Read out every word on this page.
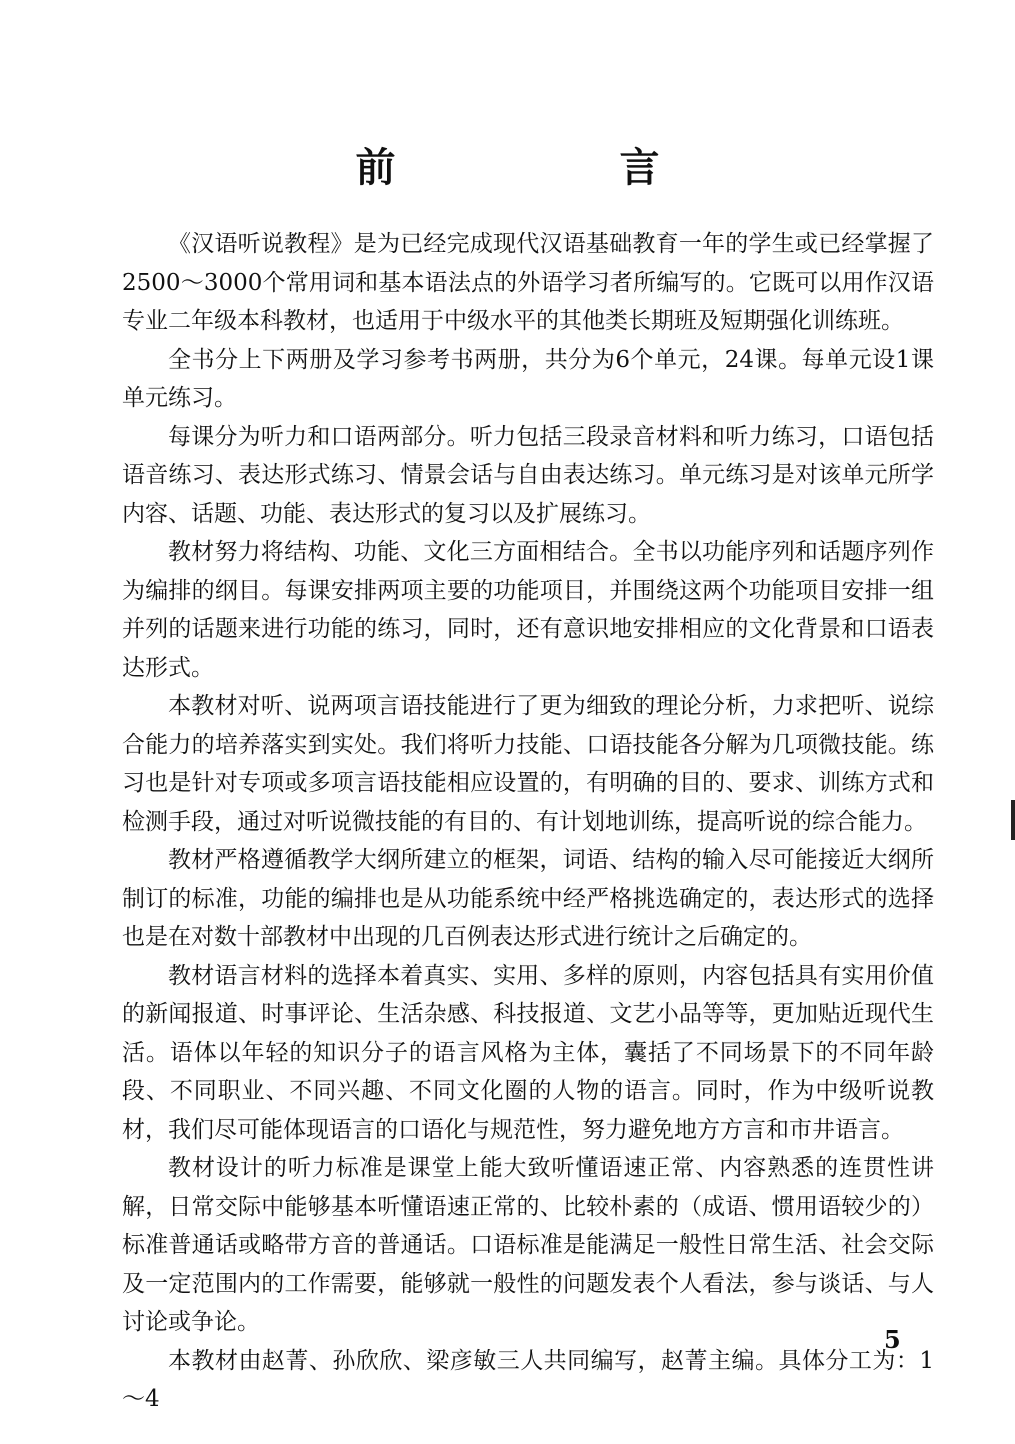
前　言

《汉语听说教程》是为已经完成现代汉语基础教育一年的学生或已经掌握了2500～3000个常用词和基本语法点的外语学习者所编写的。它既可以用作汉语专业二年级本科教材，也适用于中级水平的其他类长期班及短期强化训练班。

全书分上下两册及学习参考书两册，共分为6个单元，24课。每单元设1课单元练习。

每课分为听力和口语两部分。听力包括三段录音材料和听力练习，口语包括语音练习、表达形式练习、情景会话与自由表达练习。单元练习是对该单元所学内容、话题、功能、表达形式的复习以及扩展练习。

教材努力将结构、功能、文化三方面相结合。全书以功能序列和话题序列作为编排的纲目。每课安排两项主要的功能项目，并围绕这两个功能项目安排一组并列的话题来进行功能的练习，同时，还有意识地安排相应的文化背景和口语表达形式。

本教材对听、说两项言语技能进行了更为细致的理论分析，力求把听、说综合能力的培养落实到实处。我们将听力技能、口语技能各分解为几项微技能。练习也是针对专项或多项言语技能相应设置的，有明确的目的、要求、训练方式和检测手段，通过对听说微技能的有目的、有计划地训练，提高听说的综合能力。

教材严格遵循教学大纲所建立的框架，词语、结构的输入尽可能接近大纲所制订的标准，功能的编排也是从功能系统中经严格挑选确定的，表达形式的选择也是在对数十部教材中出现的几百例表达形式进行统计之后确定的。

教材语言材料的选择本着真实、实用、多样的原则，内容包括具有实用价值的新闻报道、时事评论、生活杂感、科技报道、文艺小品等等，更加贴近现代生活。语体以年轻的知识分子的语言风格为主体，囊括了不同场景下的不同年龄段、不同职业、不同兴趣、不同文化圈的人物的语言。同时，作为中级听说教材，我们尽可能体现语言的口语化与规范性，努力避免地方方言和市井语言。

教材设计的听力标准是课堂上能大致听懂语速正常、内容熟悉的连贯性讲解，日常交际中能够基本听懂语速正常的、比较朴素的（成语、惯用语较少的）标准普通话或略带方音的普通话。口语标准是能满足一般性日常生活、社会交际及一定范围内的工作需要，能够就一般性的问题发表个人看法，参与谈话、与人讨论或争论。

本教材由赵菁、孙欣欣、梁彦敏三人共同编写，赵菁主编。具体分工为：1～4

5
